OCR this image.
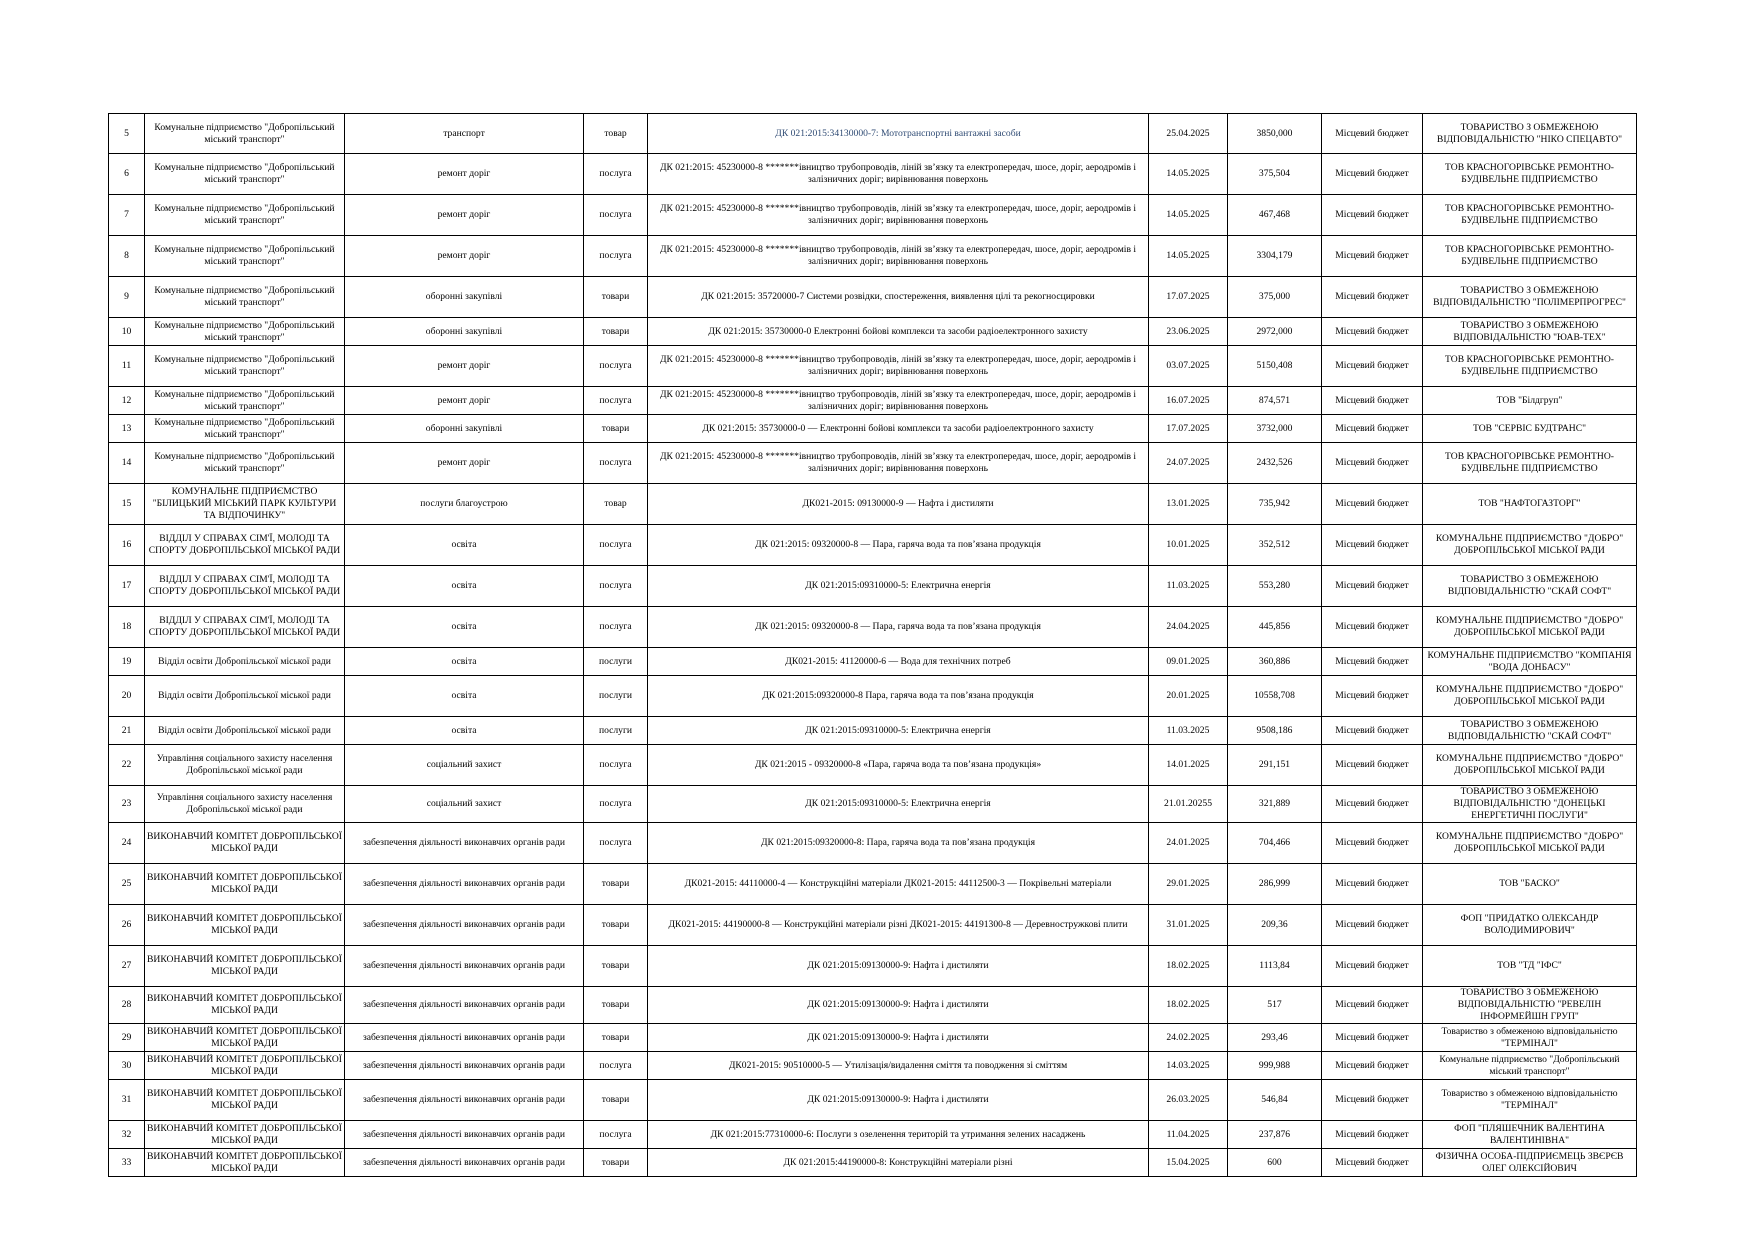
5	Комунальне підприємство "Добропільський міський транспорт"	транспорт	товар	ДК 021:2015:34130000-7: Мототранспортні вантажні засоби	25.04.2025	3850,000	Місцевий бюджет	ТОВАРИСТВО З ОБМЕЖЕНОЮ ВІДПОВІДАЛЬНІСТЮ "НІКО СПЕЦАВТО"
6	Комунальне підприємство "Добропільський міський транспорт"	ремонт доріг	послуга	ДК 021:2015: 45230000-8 *******івництво трубопроводів, ліній зв’язку та електропередач, шосе, доріг, аеродромів і залізничних доріг; вирівнювання поверхонь	14.05.2025	375,504	Місцевий бюджет	ТОВ КРАСНОГОРІВСЬКЕ РЕМОНТНО-БУДІВЕЛЬНЕ ПІДПРИЄМСТВО
7	Комунальне підприємство "Добропільський міський транспорт"	ремонт доріг	послуга	ДК 021:2015: 45230000-8 *******івництво трубопроводів, ліній зв’язку та електропередач, шосе, доріг, аеродромів і залізничних доріг; вирівнювання поверхонь	14.05.2025	467,468	Місцевий бюджет	ТОВ КРАСНОГОРІВСЬКЕ РЕМОНТНО-БУДІВЕЛЬНЕ ПІДПРИЄМСТВО
8	Комунальне підприємство "Добропільський міський транспорт"	ремонт доріг	послуга	ДК 021:2015: 45230000-8 *******івництво трубопроводів, ліній зв’язку та електропередач, шосе, доріг, аеродромів і залізничних доріг; вирівнювання поверхонь	14.05.2025	3304,179	Місцевий бюджет	ТОВ КРАСНОГОРІВСЬКЕ РЕМОНТНО-БУДІВЕЛЬНЕ ПІДПРИЄМСТВО
9	Комунальне підприємство "Добропільський міський транспорт"	оборонні закупівлі	товари	ДК 021:2015: 35720000-7 Системи розвідки, спостереження, виявлення цілі та рекогносцировки	17.07.2025	375,000	Місцевий бюджет	ТОВАРИСТВО З ОБМЕЖЕНОЮ ВІДПОВІДАЛЬНІСТЮ "ПОЛІМЕРПРОГРЕС"
10	Комунальне підприємство "Добропільський міський транспорт"	оборонні закупівлі	товари	ДК 021:2015: 35730000-0 Електронні бойові комплекси та засоби радіоелектронного захисту	23.06.2025	2972,000	Місцевий бюджет	ТОВАРИСТВО З ОБМЕЖЕНОЮ ВІДПОВІДАЛЬНІСТЮ "ЮАВ-ТЕХ"
11	Комунальне підприємство "Добропільський міський транспорт"	ремонт доріг	послуга	ДК 021:2015: 45230000-8 *******івництво трубопроводів, ліній зв’язку та електропередач, шосе, доріг, аеродромів і залізничних доріг; вирівнювання поверхонь	03.07.2025	5150,408	Місцевий бюджет	ТОВ КРАСНОГОРІВСЬКЕ РЕМОНТНО-БУДІВЕЛЬНЕ ПІДПРИЄМСТВО
12	Комунальне підприємство "Добропільський міський транспорт"	ремонт доріг	послуга	ДК 021:2015: 45230000-8 *******івництво трубопроводів, ліній зв’язку та електропередач, шосе, доріг, аеродромів і залізничних доріг; вирівнювання поверхонь	16.07.2025	874,571	Місцевий бюджет	ТОВ "Білдгруп"
13	Комунальне підприємство "Добропільський міський транспорт"	оборонні закупівлі	товари	ДК 021:2015: 35730000-0 — Електронні бойові комплекси та засоби радіоелектронного захисту	17.07.2025	3732,000	Місцевий бюджет	ТОВ "СЕРВІС БУДТРАНС"
14	Комунальне підприємство "Добропільський міський транспорт"	ремонт доріг	послуга	ДК 021:2015: 45230000-8 *******івництво трубопроводів, ліній зв’язку та електропередач, шосе, доріг, аеродромів і залізничних доріг; вирівнювання поверхонь	24.07.2025	2432,526	Місцевий бюджет	ТОВ КРАСНОГОРІВСЬКЕ РЕМОНТНО-БУДІВЕЛЬНЕ ПІДПРИЄМСТВО
15	КОМУНАЛЬНЕ ПІДПРИЄМСТВО "БІЛИЦЬКИЙ МІСЬКИЙ ПАРК КУЛЬТУРИ ТА ВІДПОЧИНКУ"	послуги благоустрою	товар	ДК021-2015: 09130000-9 — Нафта і дистиляти	13.01.2025	735,942	Місцевий бюджет	ТОВ "НАФТОГАЗТОРГ"
16	ВІДДІЛ У СПРАВАХ СІМ'Ї, МОЛОДІ ТА СПОРТУ ДОБРОПІЛЬСЬКОЇ МІСЬКОЇ РАДИ	освіта	послуга	ДК 021:2015: 09320000-8 — Пара, гаряча вода та пов’язана продукція	10.01.2025	352,512	Місцевий бюджет	КОМУНАЛЬНЕ ПІДПРИЄМСТВО "ДОБРО" ДОБРОПІЛЬСЬКОЇ МІСЬКОЇ РАДИ
17	ВІДДІЛ У СПРАВАХ СІМ'Ї, МОЛОДІ ТА СПОРТУ ДОБРОПІЛЬСЬКОЇ МІСЬКОЇ РАДИ	освіта	послуга	ДК 021:2015:09310000-5: Електрична енергія	11.03.2025	553,280	Місцевий бюджет	ТОВАРИСТВО З ОБМЕЖЕНОЮ ВІДПОВІДАЛЬНІСТЮ "СКАЙ СОФТ"
18	ВІДДІЛ У СПРАВАХ СІМ'Ї, МОЛОДІ ТА СПОРТУ ДОБРОПІЛЬСЬКОЇ МІСЬКОЇ РАДИ	освіта	послуга	ДК 021:2015: 09320000-8 — Пара, гаряча вода та пов’язана продукція	24.04.2025	445,856	Місцевий бюджет	КОМУНАЛЬНЕ ПІДПРИЄМСТВО "ДОБРО" ДОБРОПІЛЬСЬКОЇ МІСЬКОЇ РАДИ
19	Відділ освіти Добропільської міської ради	освіта	послуги	ДК021-2015: 41120000-6 — Вода для технічних потреб	09.01.2025	360,886	Місцевий бюджет	КОМУНАЛЬНЕ ПІДПРИЄМСТВО "КОМПАНІЯ "ВОДА ДОНБАСУ"
20	Відділ освіти Добропільської міської ради	освіта	послуги	ДК 021:2015:09320000-8 Пара, гаряча вода та пов’язана продукція	20.01.2025	10558,708	Місцевий бюджет	КОМУНАЛЬНЕ ПІДПРИЄМСТВО "ДОБРО" ДОБРОПІЛЬСЬКОЇ МІСЬКОЇ РАДИ
21	Відділ освіти Добропільської міської ради	освіта	послуги	ДК 021:2015:09310000-5: Електрична енергія	11.03.2025	9508,186	Місцевий бюджет	ТОВАРИСТВО З ОБМЕЖЕНОЮ ВІДПОВІДАЛЬНІСТЮ "СКАЙ СОФТ"
22	Управління соціального захисту населення Добропільської міської ради	соціальний захист	послуга	ДК 021:2015 - 09320000-8 «Пара, гаряча вода та пов’язана продукція»	14.01.2025	291,151	Місцевий бюджет	КОМУНАЛЬНЕ ПІДПРИЄМСТВО "ДОБРО" ДОБРОПІЛЬСЬКОЇ МІСЬКОЇ РАДИ
23	Управління соціального захисту населення Добропільської міської ради	соціальний захист	послуга	ДК 021:2015:09310000-5: Електрична енергія	21.01.20255	321,889	Місцевий бюджет	ТОВАРИСТВО З ОБМЕЖЕНОЮ ВІДПОВІДАЛЬНІСТЮ "ДОНЕЦЬКІ ЕНЕРГЕТИЧНІ ПОСЛУГИ"
24	ВИКОНАВЧИЙ КОМІТЕТ ДОБРОПІЛЬСЬКОЇ МІСЬКОЇ РАДИ	забезпечення діяльності виконавчих органів ради	послуга	ДК 021:2015:09320000-8: Пара, гаряча вода та пов’язана продукція	24.01.2025	704,466	Місцевий бюджет	КОМУНАЛЬНЕ ПІДПРИЄМСТВО "ДОБРО" ДОБРОПІЛЬСЬКОЇ МІСЬКОЇ РАДИ
25	ВИКОНАВЧИЙ КОМІТЕТ ДОБРОПІЛЬСЬКОЇ МІСЬКОЇ РАДИ	забезпечення діяльності виконавчих органів ради	товари	ДК021-2015: 44110000-4 — Конструкційні матеріали ДК021-2015: 44112500-3 — Покрівельні матеріали	29.01.2025	286,999	Місцевий бюджет	ТОВ "БАСКО"
26	ВИКОНАВЧИЙ КОМІТЕТ ДОБРОПІЛЬСЬКОЇ МІСЬКОЇ РАДИ	забезпечення діяльності виконавчих органів ради	товари	ДК021-2015: 44190000-8 — Конструкційні матеріали різні ДК021-2015: 44191300-8 — Деревностружкові плити	31.01.2025	209,36	Місцевий бюджет	ФОП "ПРИДАТКО ОЛЕКСАНДР ВОЛОДИМИРОВИЧ"
27	ВИКОНАВЧИЙ КОМІТЕТ ДОБРОПІЛЬСЬКОЇ МІСЬКОЇ РАДИ	забезпечення діяльності виконавчих органів ради	товари	ДК 021:2015:09130000-9: Нафта і дистиляти	18.02.2025	1113,84	Місцевий бюджет	ТОВ "ТД "ІФС"
28	ВИКОНАВЧИЙ КОМІТЕТ ДОБРОПІЛЬСЬКОЇ МІСЬКОЇ РАДИ	забезпечення діяльності виконавчих органів ради	товари	ДК 021:2015:09130000-9: Нафта і дистиляти	18.02.2025	517	Місцевий бюджет	ТОВАРИСТВО З ОБМЕЖЕНОЮ ВІДПОВІДАЛЬНІСТЮ "РЕВЕЛІН ІНФОРМЕЙШН ГРУП"
29	ВИКОНАВЧИЙ КОМІТЕТ ДОБРОПІЛЬСЬКОЇ МІСЬКОЇ РАДИ	забезпечення діяльності виконавчих органів ради	товари	ДК 021:2015:09130000-9: Нафта і дистиляти	24.02.2025	293,46	Місцевий бюджет	Товариство з обмеженою відповідальністю "ТЕРМІНАЛ"
30	ВИКОНАВЧИЙ КОМІТЕТ ДОБРОПІЛЬСЬКОЇ МІСЬКОЇ РАДИ	забезпечення діяльності виконавчих органів ради	послуга	ДК021-2015: 90510000-5 — Утилізація/видалення сміття та поводження зі сміттям	14.03.2025	999,988	Місцевий бюджет	Комунальне підприємство "Добропільський міський транспорт"
31	ВИКОНАВЧИЙ КОМІТЕТ ДОБРОПІЛЬСЬКОЇ МІСЬКОЇ РАДИ	забезпечення діяльності виконавчих органів ради	товари	ДК 021:2015:09130000-9: Нафта і дистиляти	26.03.2025	546,84	Місцевий бюджет	Товариство з обмеженою відповідальністю "ТЕРМІНАЛ"
32	ВИКОНАВЧИЙ КОМІТЕТ ДОБРОПІЛЬСЬКОЇ МІСЬКОЇ РАДИ	забезпечення діяльності виконавчих органів ради	послуга	ДК 021:2015:77310000-6: Послуги з озеленення територій та утримання зелених насаджень	11.04.2025	237,876	Місцевий бюджет	ФОП "ПЛЯШЕЧНИК ВАЛЕНТИНА ВАЛЕНТИНІВНА"
33	ВИКОНАВЧИЙ КОМІТЕТ ДОБРОПІЛЬСЬКОЇ МІСЬКОЇ РАДИ	забезпечення діяльності виконавчих органів ради	товари	ДК 021:2015:44190000-8: Конструкційні матеріали різні	15.04.2025	600	Місцевий бюджет	ФІЗИЧНА ОСОБА-ПІДПРИЄМЕЦЬ ЗВЄРЄВ ОЛЕГ ОЛЕКСІЙОВИЧ
